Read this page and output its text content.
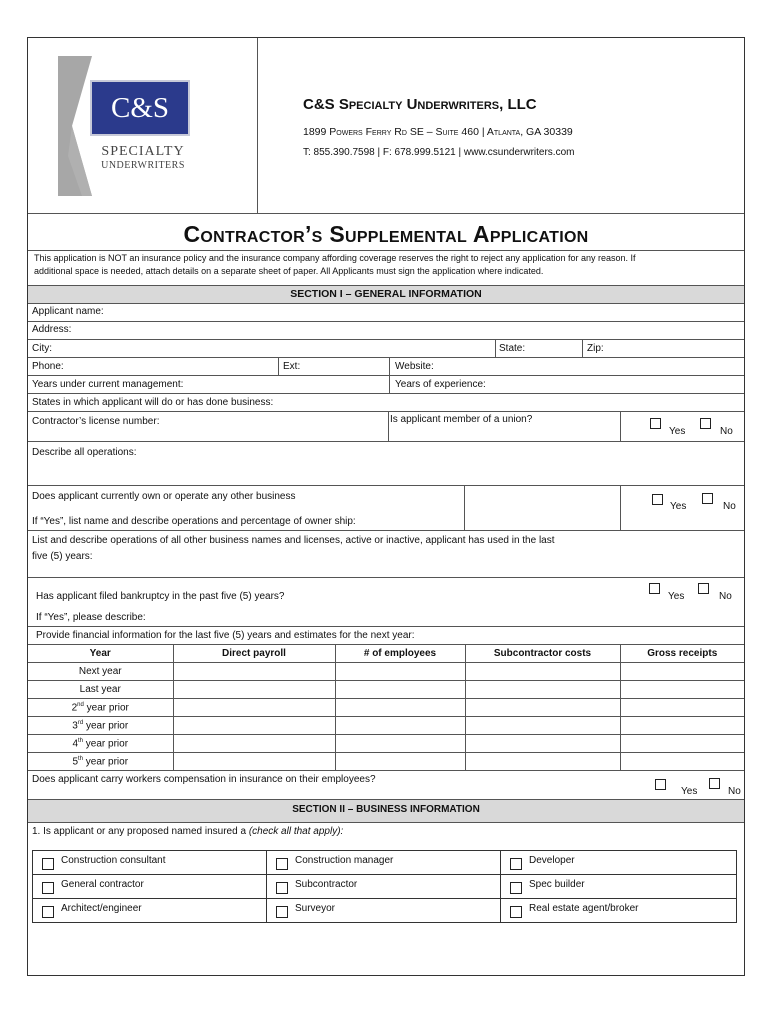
C&S
SPECIALTY
UNDERWRITERS
C&S Specialty Underwriters, LLC
1899 Powers Ferry Rd SE – Suite 460 | Atlanta, GA 30339
T: 855.390.7598 | F: 678.999.5121 | www.csunderwriters.com
Contractor’s Supplemental Application
This application is NOT an insurance policy and the insurance company affording coverage reserves the right to reject any application for any reason. If
additional space is needed, attach details on a separate sheet of paper. All Applicants must sign the application where indicated.
SECTION I – GENERAL INFORMATION
Applicant name:
Address:
City:	State:	Zip:
Phone:	Ext:	Website:
Years under current management:	Years of experience:
States in which applicant will do or has done business:
Contractor’s license number:	Is applicant member of a union?
Yes	No
Describe all operations:
Does applicant currently own or operate any other business
If “Yes”, list name and describe operations and percentage of owner ship:
Yes	No
List and describe operations of all other business names and licenses, active or inactive, applicant has used in the last
five (5) years:
Has applicant filed bankruptcy in the past five (5) years?	Yes	No
If “Yes”, please describe:
Provide financial information for the last five (5) years and estimates for the next year:
Year	Direct payroll	# of employees	Subcontractor costs	Gross receipts
Next year				
Last year				
2nd year prior				
3rd year prior				
4th year prior				
5th year prior				
Does applicant carry workers compensation in insurance on their employees?
Yes	No
SECTION II – BUSINESS INFORMATION
1. Is applicant or any proposed named insured a (check all that apply):
Construction consultant	Construction manager	Developer

General contractor	Subcontractor	Spec builder

Architect/engineer	Surveyor	Real estate agent/broker
